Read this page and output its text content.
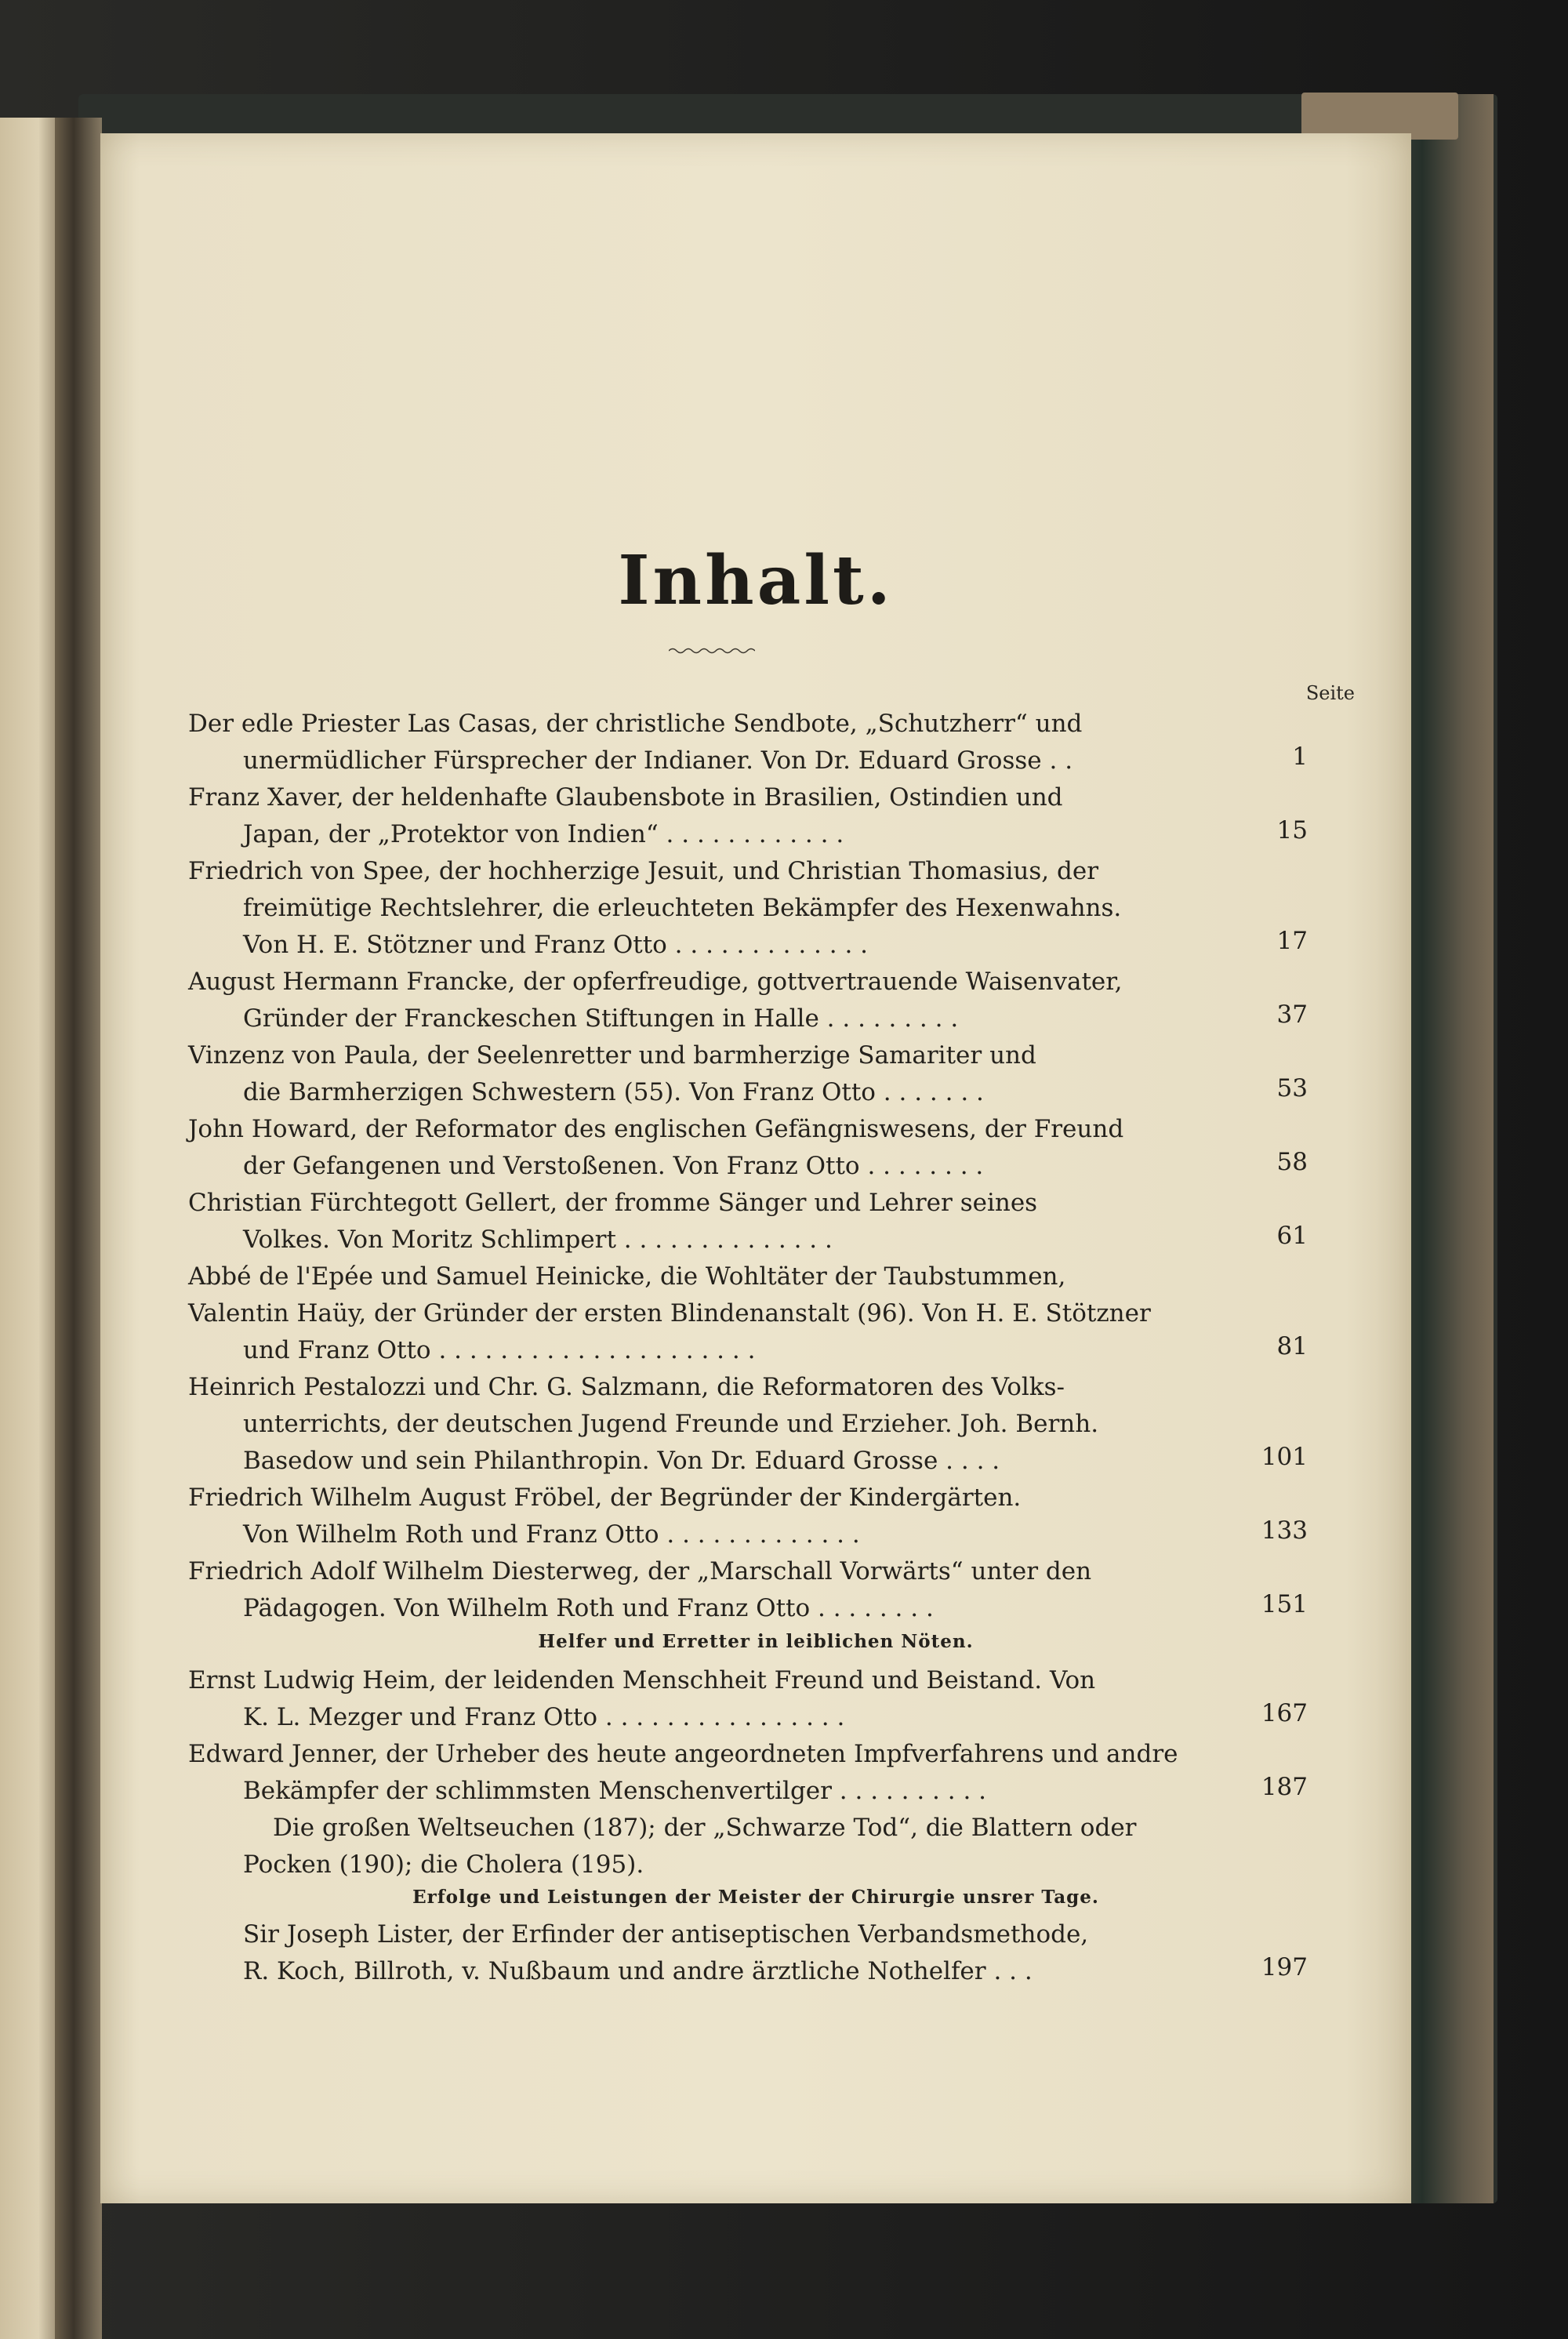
Inhalt.
Seite
Der edle Priester Las Casas, der christliche Sendbote, „Schutzherr“ und
unermüdlicher Fürsprecher der Indianer. Von Dr. Eduard Grosse . .	1
Franz Xaver, der heldenhafte Glaubensbote in Brasilien, Ostindien und
Japan, der „Protektor von Indien“ . . . . . . . . . . . .	15
Friedrich von Spee, der hochherzige Jesuit, und Christian Thomasius, der
freimütige Rechtslehrer, die erleuchteten Bekämpfer des Hexenwahns.
Von H. E. Stötzner und Franz Otto . . . . . . . . . . . . .	17
August Hermann Francke, der opferfreudige, gottvertrauende Waisenvater,
Gründer der Franckeschen Stiftungen in Halle . . . . . . . . .	37
Vinzenz von Paula, der Seelenretter und barmherzige Samariter und
die Barmherzigen Schwestern (55). Von Franz Otto . . . . . . .	53
John Howard, der Reformator des englischen Gefängniswesens, der Freund
der Gefangenen und Verstoßenen. Von Franz Otto . . . . . . . .	58
Christian Fürchtegott Gellert, der fromme Sänger und Lehrer seines
Volkes. Von Moritz Schlimpert . . . . . . . . . . . . . .	61
Abbé de l'Epée und Samuel Heinicke, die Wohltäter der Taubstummen,
Valentin Haüy, der Gründer der ersten Blindenanstalt (96). Von H. E. Stötzner
und Franz Otto . . . . . . . . . . . . . . . . . . . . .	81
Heinrich Pestalozzi und Chr. G. Salzmann, die Reformatoren des Volks-
unterrichts, der deutschen Jugend Freunde und Erzieher. Joh. Bernh.
Basedow und sein Philanthropin. Von Dr. Eduard Grosse . . . .	101
Friedrich Wilhelm August Fröbel, der Begründer der Kindergärten.
Von Wilhelm Roth und Franz Otto . . . . . . . . . . . . .	133
Friedrich Adolf Wilhelm Diesterweg, der „Marschall Vorwärts“ unter den
Pädagogen. Von Wilhelm Roth und Franz Otto . . . . . . . .	151
Helfer und Erretter in leiblichen Nöten.
Ernst Ludwig Heim, der leidenden Menschheit Freund und Beistand. Von
K. L. Mezger und Franz Otto . . . . . . . . . . . . . . . .	167
Edward Jenner, der Urheber des heute angeordneten Impfverfahrens und andre
Bekämpfer der schlimmsten Menschenvertilger . . . . . . . . . .	187
Die großen Weltseuchen (187); der „Schwarze Tod“, die Blattern oder
Pocken (190); die Cholera (195).
Erfolge und Leistungen der Meister der Chirurgie unsrer Tage.
Sir Joseph Lister, der Erfinder der antiseptischen Verbandsmethode,
R. Koch, Billroth, v. Nußbaum und andre ärztliche Nothelfer . . .	197
